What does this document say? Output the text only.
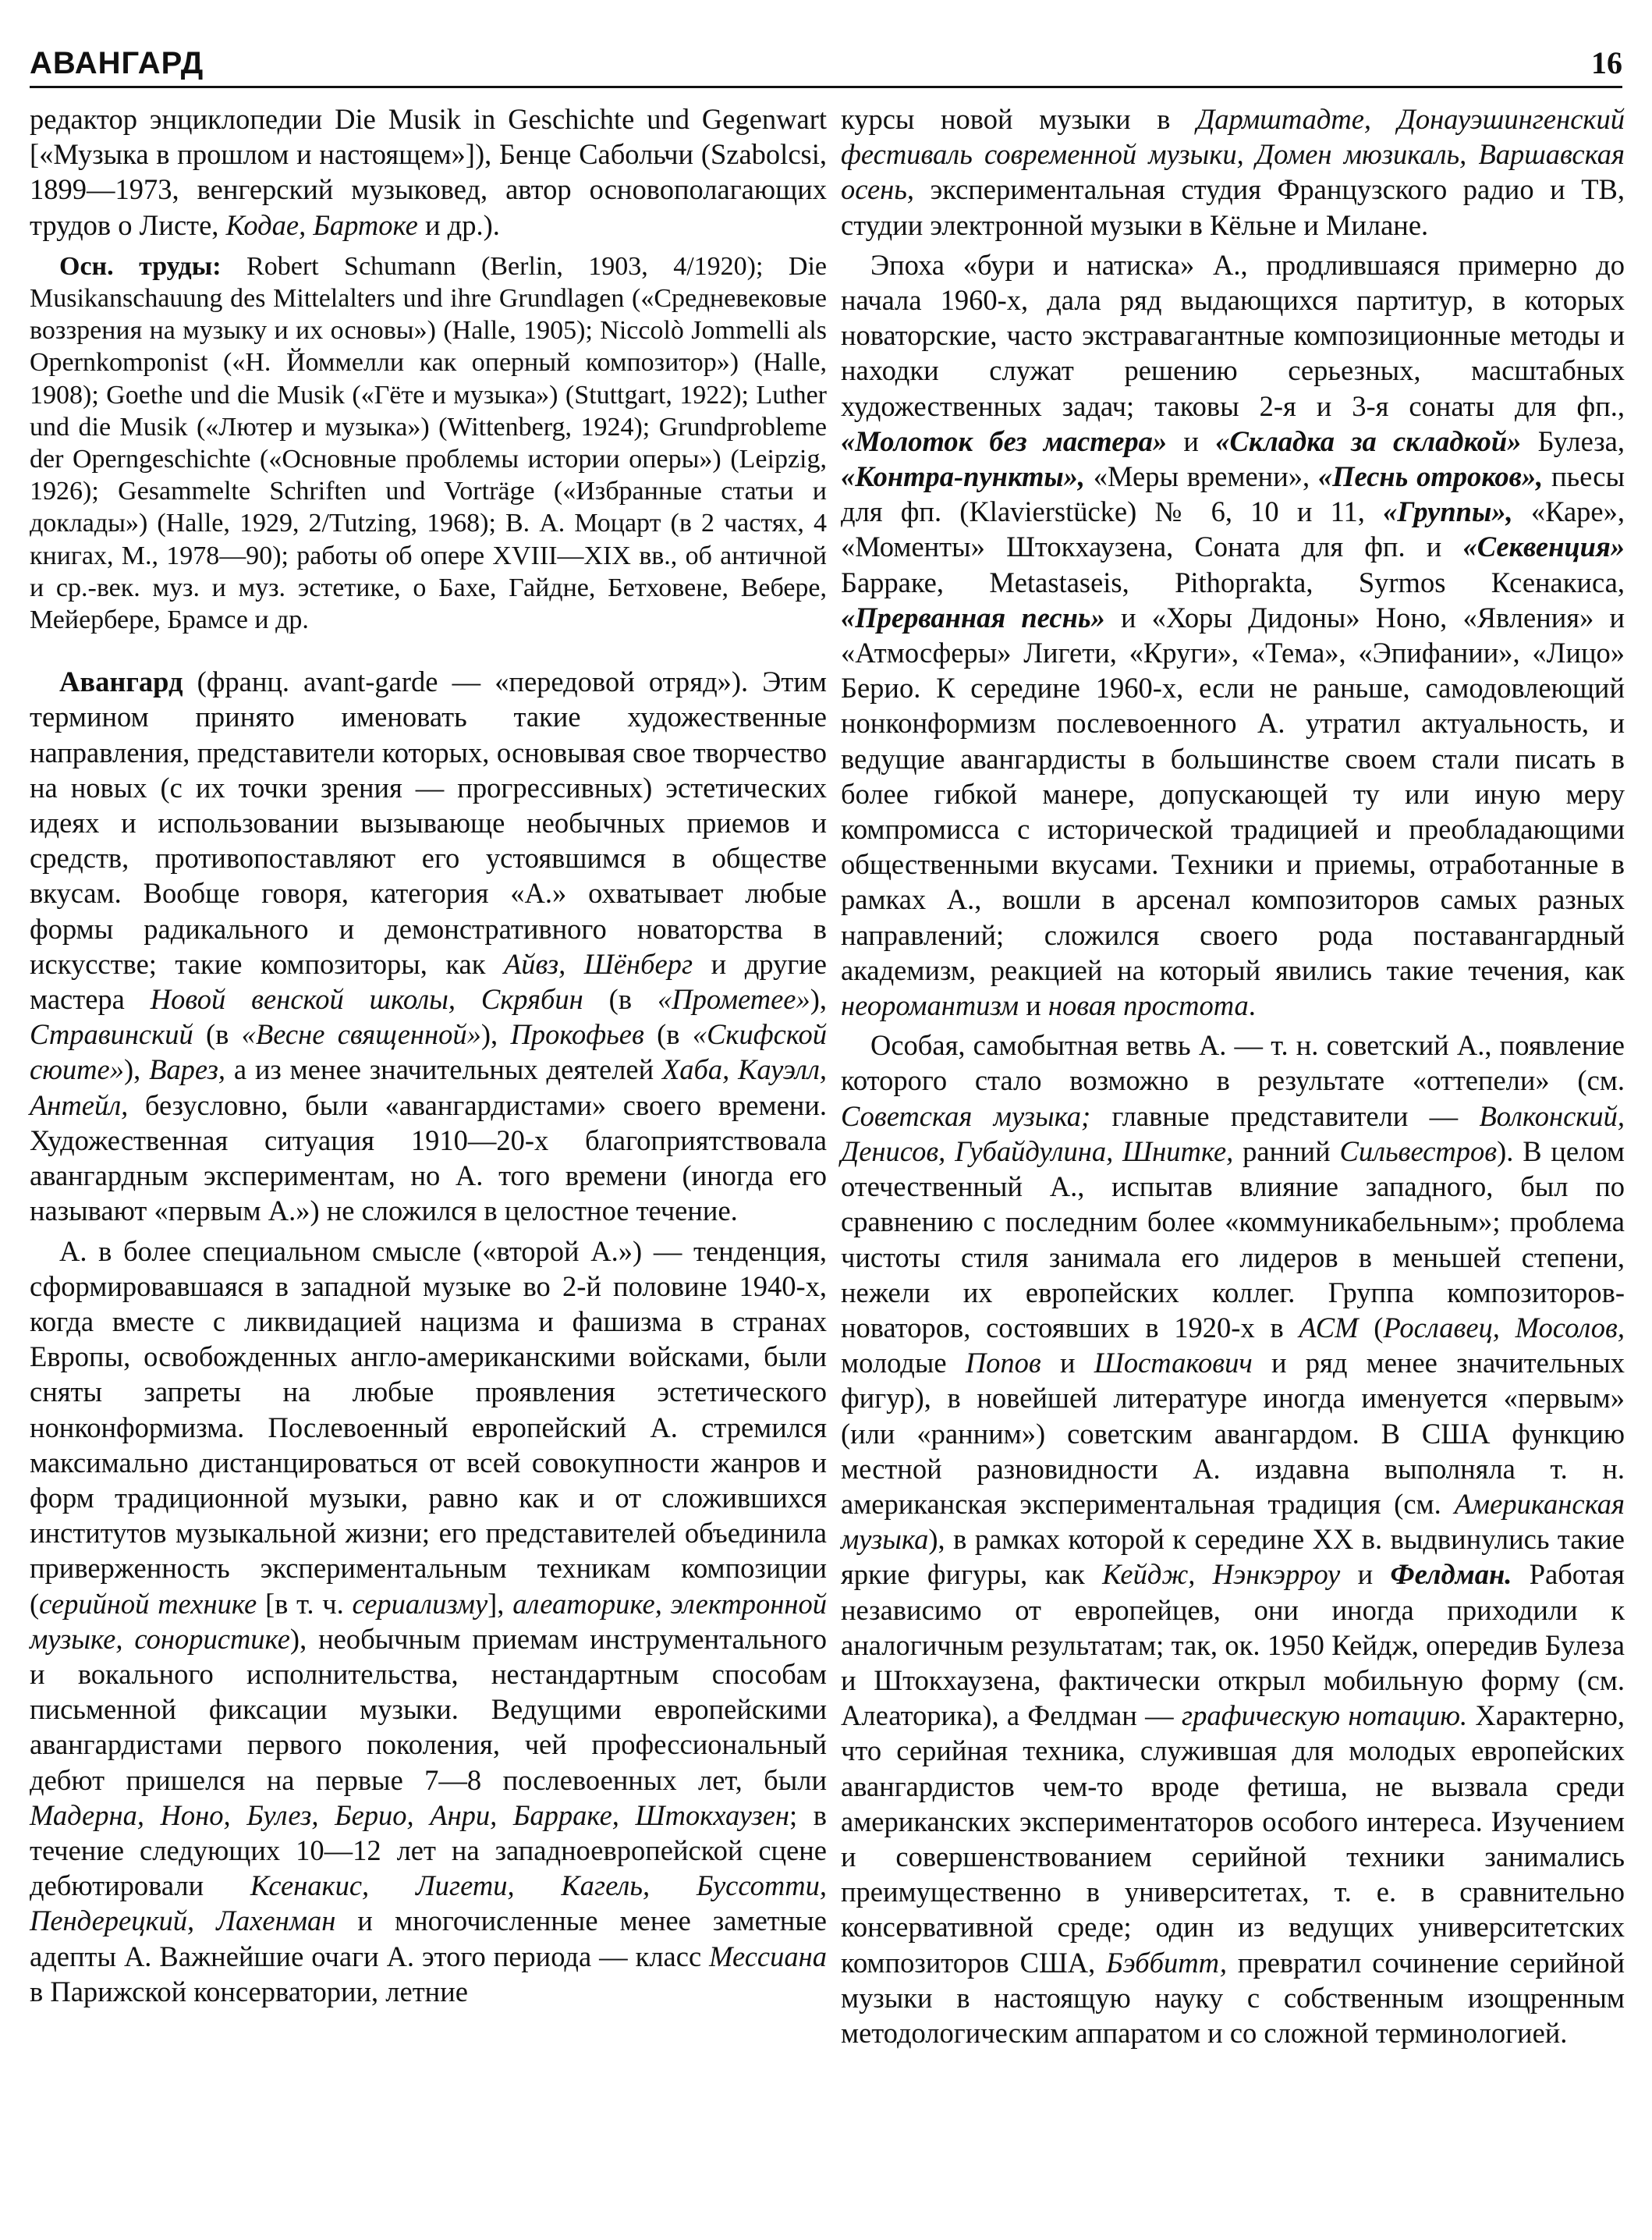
АВАНГАРД	16

редактор энциклопедии Die Musik in Geschichte und Gegenwart [«Музыка в прошлом и настоящем»]), Бенце Сабольчи (Szabolcsi, 1899—1973, венгерский музыковед, автор основополагающих трудов о Листе, Кодае, Бартоке и др.).

Осн. труды: Robert Schumann (Berlin, 1903, 4/1920); Die Musikanschauung des Mittelalters und ihre Grundlagen («Средневековые воззрения на музыку и их основы») (Halle, 1905); Niccolò Jommelli als Opernkomponist («Н. Йоммелли как оперный композитор») (Halle, 1908); Goethe und die Musik («Гёте и музыка») (Stuttgart, 1922); Luther und die Musik («Лютер и музыка») (Wittenberg, 1924); Grundprobleme der Operngeschichte («Основные проблемы истории оперы») (Leipzig, 1926); Gesammelte Schriften und Vorträge («Избранные статьи и доклады») (Halle, 1929, 2/Tutzing, 1968); В. А. Моцарт (в 2 частях, 4 книгах, М., 1978—90); работы об опере XVIII—XIX вв., об античной и ср.-век. муз. и муз. эстетике, о Бахе, Гайдне, Бетховене, Вебере, Мейербере, Брамсе и др.

Авангард (франц. avant-garde — «передовой отряд»). Этим термином принято именовать такие художественные направления, представители которых, основывая свое творчество на новых (с их точки зрения — прогрессивных) эстетических идеях и использовании вызывающе необычных приемов и средств, противопоставляют его устоявшимся в обществе вкусам. Вообще говоря, категория «А.» охватывает любые формы радикального и демонстративного новаторства в искусстве; такие композиторы, как Айвз, Шёнберг и другие мастера Новой венской школы, Скрябин (в «Прометее»), Стравинский (в «Весне священной»), Прокофьев (в «Скифской сюите»), Варез, а из менее значительных деятелей Хаба, Кауэлл, Антейл, безусловно, были «авангардистами» своего времени. Художественная ситуация 1910—20-х благоприятствовала авангардным экспериментам, но А. того времени (иногда его называют «первым А.») не сложился в целостное течение.

А. в более специальном смысле («второй А.») — тенденция, сформировавшаяся в западной музыке во 2-й половине 1940-х, когда вместе с ликвидацией нацизма и фашизма в странах Европы, освобожденных англо-американскими войсками, были сняты запреты на любые проявления эстетического нонконформизма. Послевоенный европейский А. стремился максимально дистанцироваться от всей совокупности жанров и форм традиционной музыки, равно как и от сложившихся институтов музыкальной жизни; его представителей объединила приверженность экспериментальным техникам композиции (серийной технике [в т. ч. сериализму], алеаторике, электронной музыке, сонористике), необычным приемам инструментального и вокального исполнительства, нестандартным способам письменной фиксации музыки. Ведущими европейскими авангардистами первого поколения, чей профессиональный дебют пришелся на первые 7—8 послевоенных лет, были Мадерна, Ноно, Булез, Берио, Анри, Барраке, Штокхаузен; в течение следующих 10—12 лет на западноевропейской сцене дебютировали Ксенакис, Лигети, Кагель, Буссотти, Пендерецкий, Лахенман и многочисленные менее заметные адепты А. Важнейшие очаги А. этого периода — класс Мессиана в Парижской консерватории, летние

курсы новой музыки в Дармштадте, Донауэшингенский фестиваль современной музыки, Домен мюзикаль, Варшавская осень, экспериментальная студия Французского радио и ТВ, студии электронной музыки в Кёльне и Милане.

Эпоха «бури и натиска» А., продлившаяся примерно до начала 1960-х, дала ряд выдающихся партитур, в которых новаторские, часто экстравагантные композиционные методы и находки служат решению серьезных, масштабных художественных задач; таковы 2-я и 3-я сонаты для фп., «Молоток без мастера» и «Складка за складкой» Булеза, «Контра-пункты», «Меры времени», «Песнь отроков», пьесы для фп. (Klavierstücke) № 6, 10 и 11, «Группы», «Каре», «Моменты» Штокхаузена, Соната для фп. и «Секвенция» Барраке, Metastaseis, Pithoprakta, Syrmos Ксенакиса, «Прерванная песнь» и «Хоры Дидоны» Ноно, «Явления» и «Атмосферы» Лигети, «Круги», «Тема», «Эпифании», «Лицо» Берио. К середине 1960-х, если не раньше, самодовлеющий нонконформизм послевоенного А. утратил актуальность, и ведущие авангардисты в большинстве своем стали писать в более гибкой манере, допускающей ту или иную меру компромисса с исторической традицией и преобладающими общественными вкусами. Техники и приемы, отработанные в рамках А., вошли в арсенал композиторов самых разных направлений; сложился своего рода поставангардный академизм, реакцией на который явились такие течения, как неоромантизм и новая простота.

Особая, самобытная ветвь А. — т. н. советский А., появление которого стало возможно в результате «оттепели» (см. Советская музыка; главные представители — Волконский, Денисов, Губайдулина, Шнитке, ранний Сильвестров). В целом отечественный А., испытав влияние западного, был по сравнению с последним более «коммуникабельным»; проблема чистоты стиля занимала его лидеров в меньшей степени, нежели их европейских коллег. Группа композиторов-новаторов, состоявших в 1920-х в АСМ (Рославец, Мосолов, молодые Попов и Шостакович и ряд менее значительных фигур), в новейшей литературе иногда именуется «первым» (или «ранним») советским авангардом. В США функцию местной разновидности А. издавна выполняла т. н. американская экспериментальная традиция (см. Американская музыка), в рамках которой к середине XX в. выдвинулись такие яркие фигуры, как Кейдж, Нэнкэрроу и Фелдман. Работая независимо от европейцев, они иногда приходили к аналогичным результатам; так, ок. 1950 Кейдж, опередив Булеза и Штокхаузена, фактически открыл мобильную форму (см. Алеаторика), а Фелдман — графическую нотацию. Характерно, что серийная техника, служившая для молодых европейских авангардистов чем-то вроде фетиша, не вызвала среди американских экспериментаторов особого интереса. Изучением и совершенствованием серийной техники занимались преимущественно в университетах, т. е. в сравнительно консервативной среде; один из ведущих университетских композиторов США, Бэббитт, превратил сочинение серийной музыки в настоящую науку с собственным изощренным методологическим аппаратом и со сложной терминологией.
